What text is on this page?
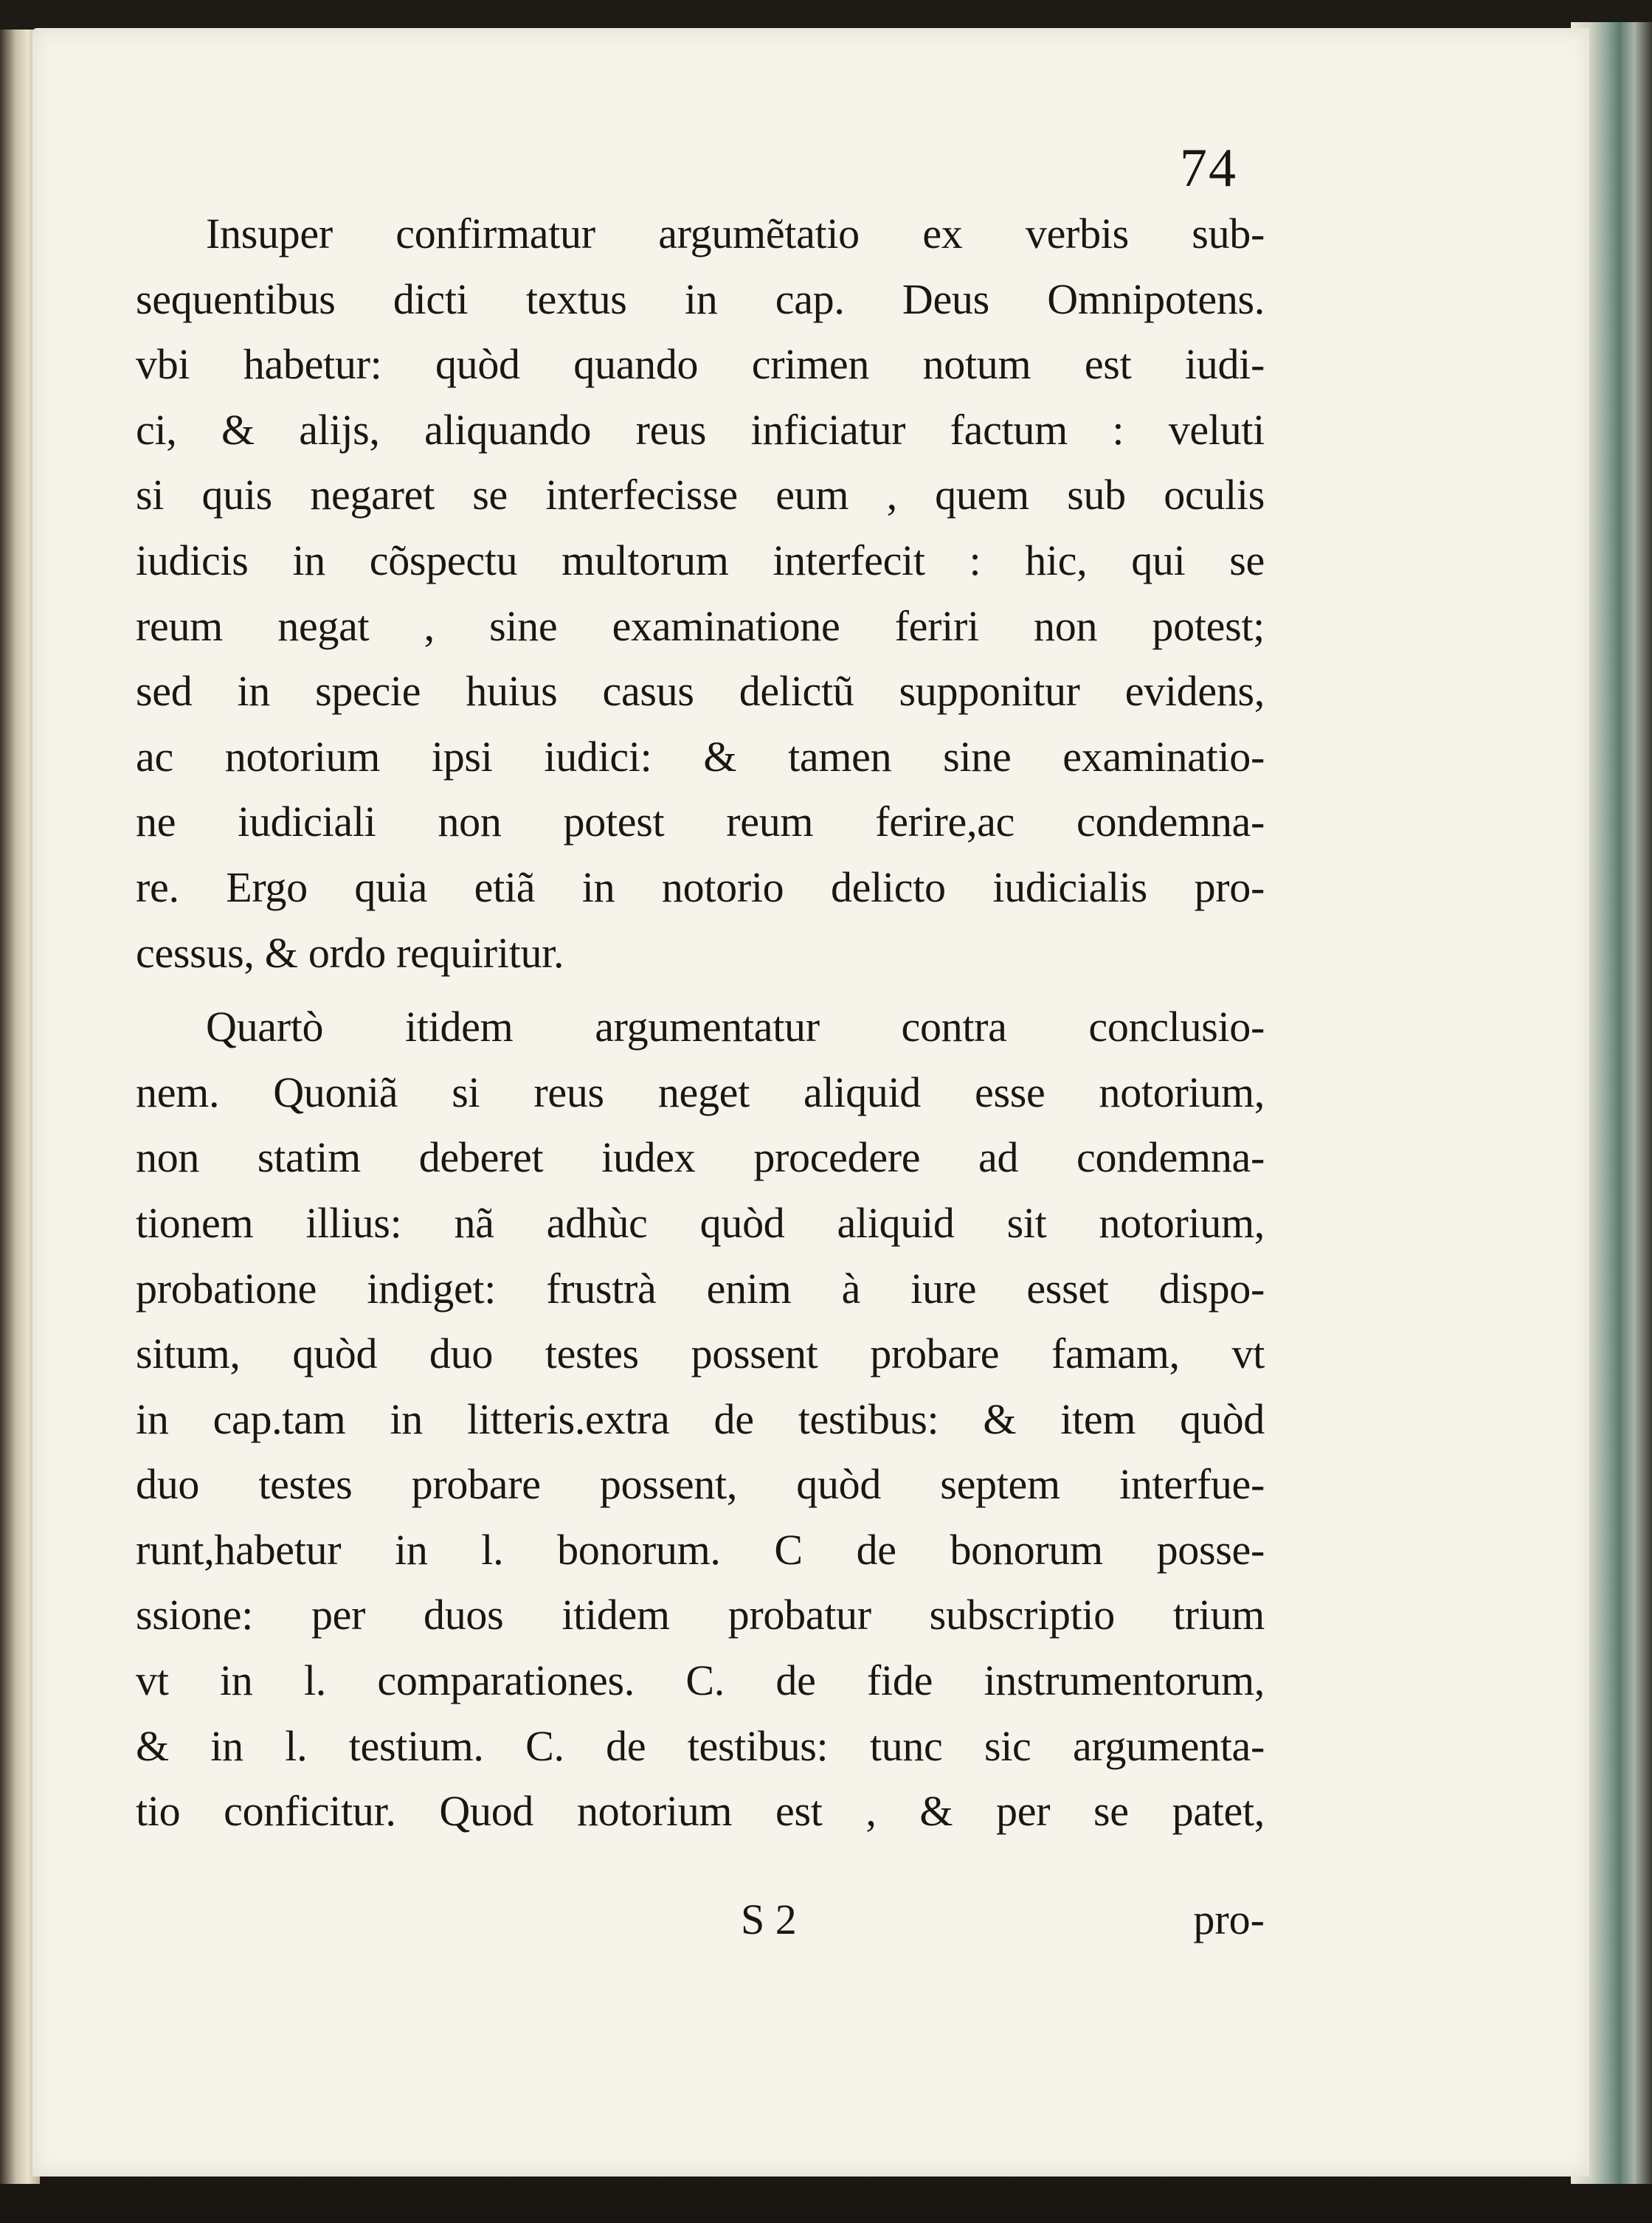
74

Insuper confirmatur argumẽtatio ex verbis sub-
sequentibus dicti textus in cap. Deus Omnipotens.
vbi habetur: quòd quando crimen notum est iudi-
ci, & alijs, aliquando reus inficiatur factum : veluti
si quis negaret se interfecisse eum , quem sub oculis
iudicis in cõspectu multorum interfecit : hic, qui se
reum negat , sine examinatione feriri non potest;
sed in specie huius casus delictũ supponitur evidens,
ac notorium ipsi iudici: & tamen sine examinatio-
ne iudiciali non potest reum ferire,ac condemna-
re. Ergo quia etiã in notorio delicto iudicialis pro-
cessus, & ordo requiritur.

Quartò itidem argumentatur contra conclusio-
nem. Quoniã si reus neget aliquid esse notorium,
non statim deberet iudex procedere ad condemna-
tionem illius: nã adhùc quòd aliquid sit notorium,
probatione indiget: frustrà enim à iure esset dispo-
situm, quòd duo testes possent probare famam, vt
in cap.tam in litteris.extra de testibus: & item quòd
duo testes probare possent, quòd septem interfue-
runt,habetur in l. bonorum. C de bonorum posse-
ssione: per duos itidem probatur subscriptio trium
vt in l. comparationes. C. de fide instrumentorum,
& in l. testium. C. de testibus: tunc sic argumenta-
tio conficitur. Quod notorium est , & per se patet,

S 2	pro-
